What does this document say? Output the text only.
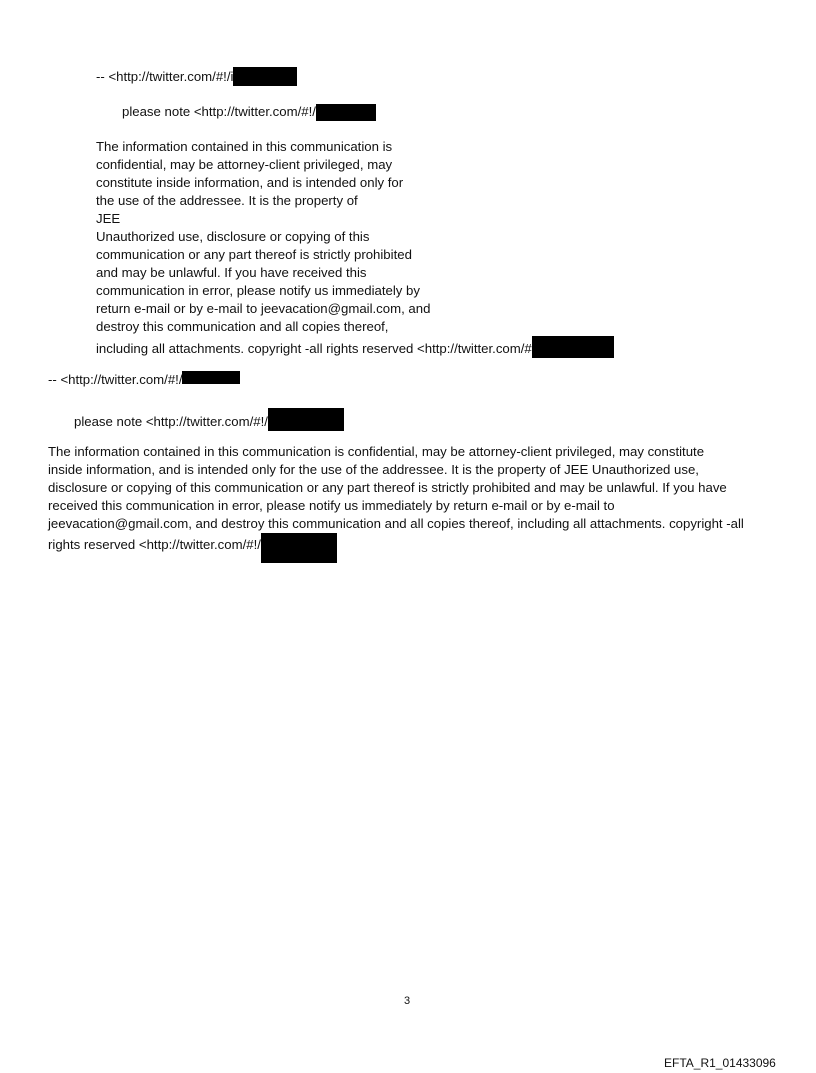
-- <http://twitter.com/#!/i
please note <http://twitter.com/#!/
The information contained in this communication is
confidential, may be attorney-client privileged, may
constitute inside information, and is intended only for
the use of the addressee. It is the property of
JEE
Unauthorized use, disclosure or copying of this
communication or any part thereof is strictly prohibited
and may be unlawful. If you have received this
communication in error, please notify us immediately by
return e-mail or by e-mail to jeevacation@gmail.com, and
destroy this communication and all copies thereof,
including all attachments. copyright -all rights reserved <http://twitter.com/#
-- <http://twitter.com/#!/
please note <http://twitter.com/#!/
The information contained in this communication is confidential, may be attorney-client privileged, may constitute
inside information, and is intended only for the use of the addressee. It is the property of JEE Unauthorized use,
disclosure or copying of this communication or any part thereof is strictly prohibited and may be unlawful. If you have
received this communication in error, please notify us immediately by return e-mail or by e-mail to
jeevacation@gmail.com, and destroy this communication and all copies thereof, including all attachments. copyright -all
rights reserved <http://twitter.com/#!/
3
EFTA_R1_01433096
